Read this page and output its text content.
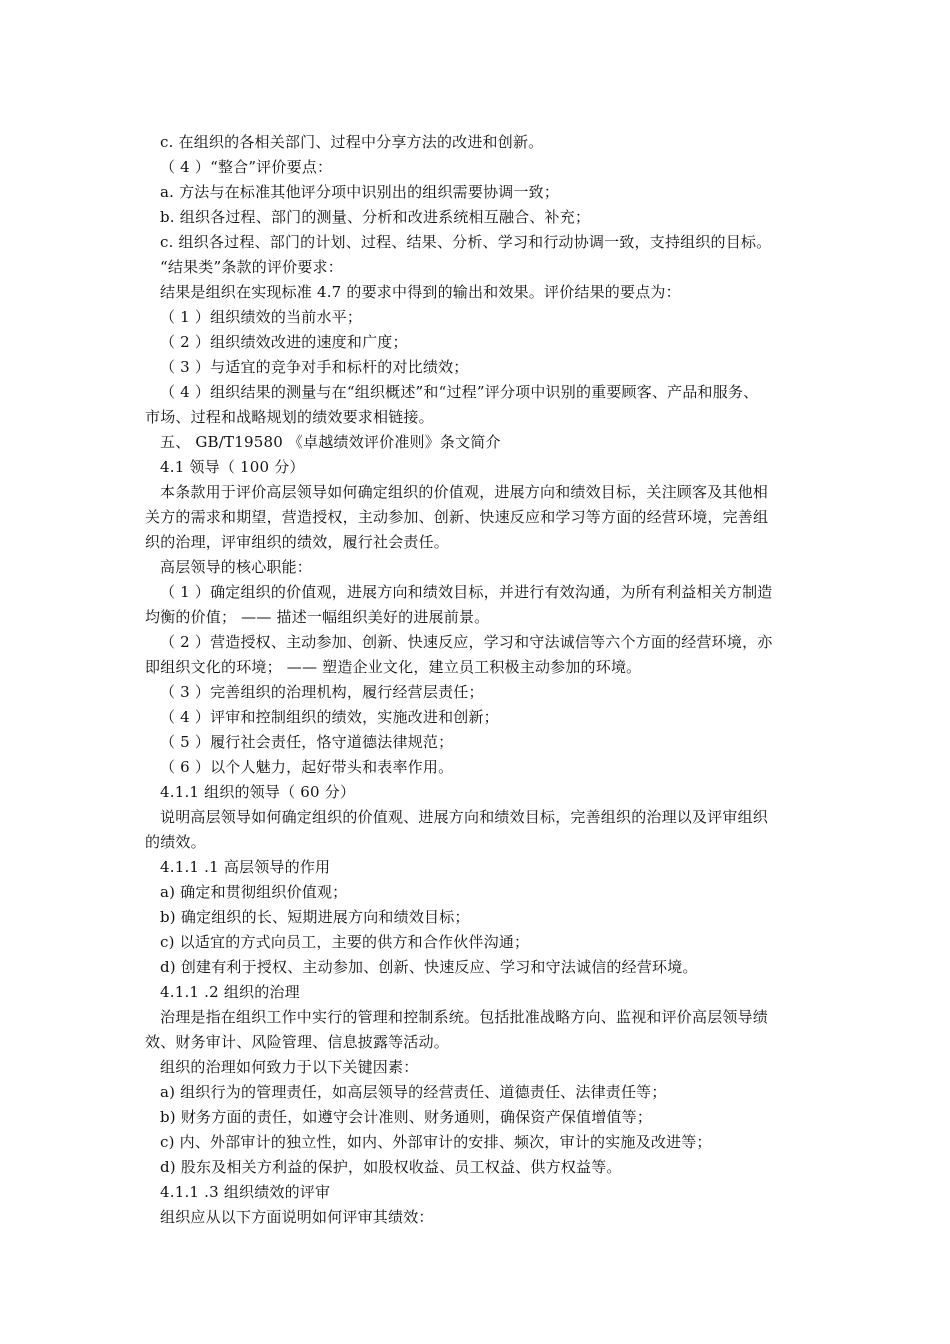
c. 在组织的各相关部门、过程中分享方法的改进和创新。
（ 4 ）“整合”评价要点：
a. 方法与在标准其他评分项中识别出的组织需要协调一致；
b. 组织各过程、部门的测量、分析和改进系统相互融合、补充；
c. 组织各过程、部门的计划、过程、结果、分析、学习和行动协调一致，支持组织的目标。
“结果类”条款的评价要求：
结果是组织在实现标准 4.7 的要求中得到的输出和效果。评价结果的要点为：
（ 1 ）组织绩效的当前水平；
（ 2 ）组织绩效改进的速度和广度；
（ 3 ）与适宜的竞争对手和标杆的对比绩效；
（ 4 ）组织结果的测量与在“组织概述”和“过程”评分项中识别的重要顾客、产品和服务、
市场、过程和战略规划的绩效要求相链接。
五、 GB/T19580 《卓越绩效评价准则》条文简介
4.1 领导（ 100 分）
本条款用于评价高层领导如何确定组织的价值观，进展方向和绩效目标，关注顾客及其他相
关方的需求和期望，营造授权，主动参加、创新、快速反应和学习等方面的经营环境，完善组
织的治理，评审组织的绩效，履行社会责任。
高层领导的核心职能：
（ 1 ）确定组织的价值观，进展方向和绩效目标，并进行有效沟通，为所有利益相关方制造
均衡的价值； —— 描述一幅组织美好的进展前景。
（ 2 ）营造授权、主动参加、创新、快速反应，学习和守法诚信等六个方面的经营环境，亦
即组织文化的环境； —— 塑造企业文化，建立员工积极主动参加的环境。
（ 3 ）完善组织的治理机构，履行经营层责任；
（ 4 ）评审和控制组织的绩效，实施改进和创新；
（ 5 ）履行社会责任，恪守道德法律规范；
（ 6 ）以个人魅力，起好带头和表率作用。
4.1.1 组织的领导（ 60 分）
说明高层领导如何确定组织的价值观、进展方向和绩效目标，完善组织的治理以及评审组织
的绩效。
4.1.1 .1 高层领导的作用
a) 确定和贯彻组织价值观；
b) 确定组织的长、短期进展方向和绩效目标；
c) 以适宜的方式向员工，主要的供方和合作伙伴沟通；
d) 创建有利于授权、主动参加、创新、快速反应、学习和守法诚信的经营环境。
4.1.1 .2 组织的治理
治理是指在组织工作中实行的管理和控制系统。包括批准战略方向、监视和评价高层领导绩
效、财务审计、风险管理、信息披露等活动。
组织的治理如何致力于以下关键因素：
a) 组织行为的管理责任，如高层领导的经营责任、道德责任、法律责任等；
b) 财务方面的责任，如遵守会计准则、财务通则，确保资产保值增值等；
c) 内、外部审计的独立性，如内、外部审计的安排、频次，审计的实施及改进等；
d) 股东及相关方利益的保护，如股权收益、员工权益、供方权益等。
4.1.1 .3 组织绩效的评审
组织应从以下方面说明如何评审其绩效：
